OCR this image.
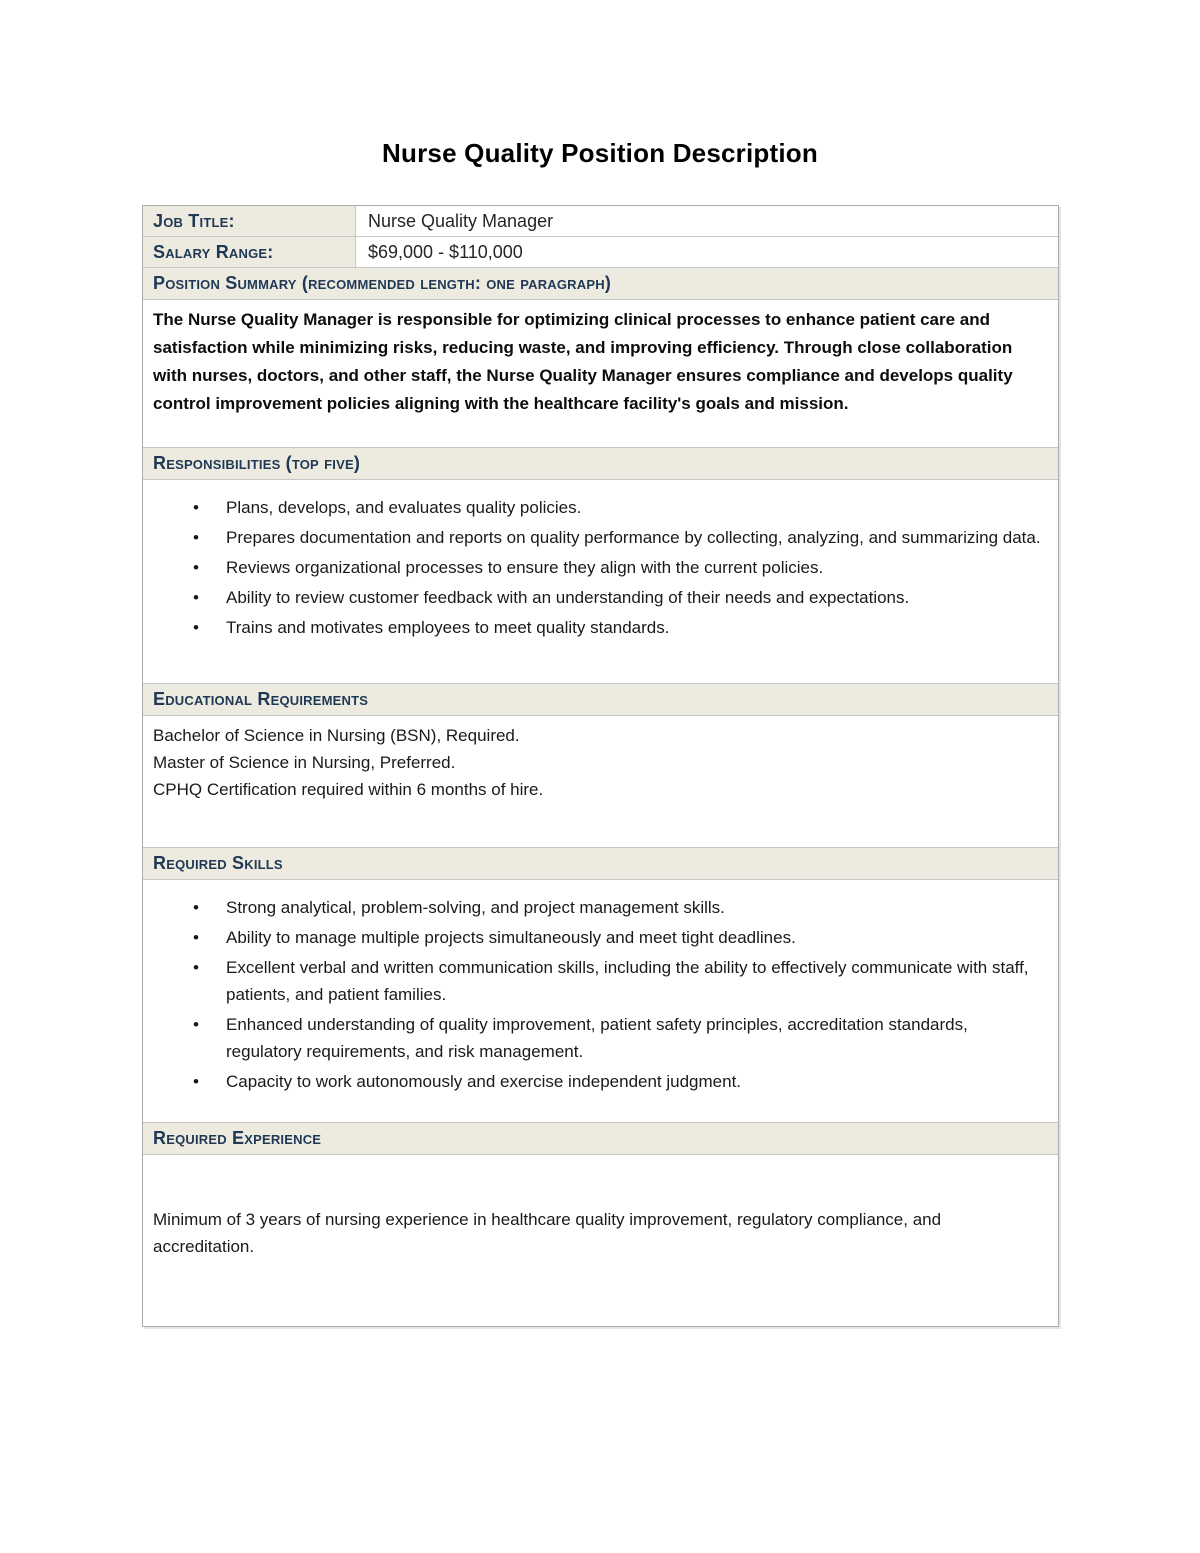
Nurse Quality Position Description
Job Title:	Nurse Quality Manager
Salary Range:	$69,000 - $110,000
Position Summary (recommended length: one paragraph)
The Nurse Quality Manager is responsible for optimizing clinical processes to enhance patient care and satisfaction while minimizing risks, reducing waste, and improving efficiency. Through close collaboration with nurses, doctors, and other staff, the Nurse Quality Manager ensures compliance and develops quality control improvement policies aligning with the healthcare facility's goals and mission.
Responsibilities (top five)
• Plans, develops, and evaluates quality policies.
• Prepares documentation and reports on quality performance by collecting, analyzing, and summarizing data.
• Reviews organizational processes to ensure they align with the current policies.
• Ability to review customer feedback with an understanding of their needs and expectations.
• Trains and motivates employees to meet quality standards.
Educational Requirements

Bachelor of Science in Nursing (BSN), Required.

Master of Science in Nursing, Preferred.

CPHQ Certification required within 6 months of hire.

Required Skills
• Strong analytical, problem-solving, and project management skills.
• Ability to manage multiple projects simultaneously and meet tight deadlines.
• Excellent verbal and written communication skills, including the ability to effectively communicate with staff, patients, and patient families.
• Enhanced understanding of quality improvement, patient safety principles, accreditation standards, regulatory requirements, and risk management.
• Capacity to work autonomously and exercise independent judgment.
Required Experience

Minimum of 3 years of nursing experience in healthcare quality improvement, regulatory compliance, and accreditation.
